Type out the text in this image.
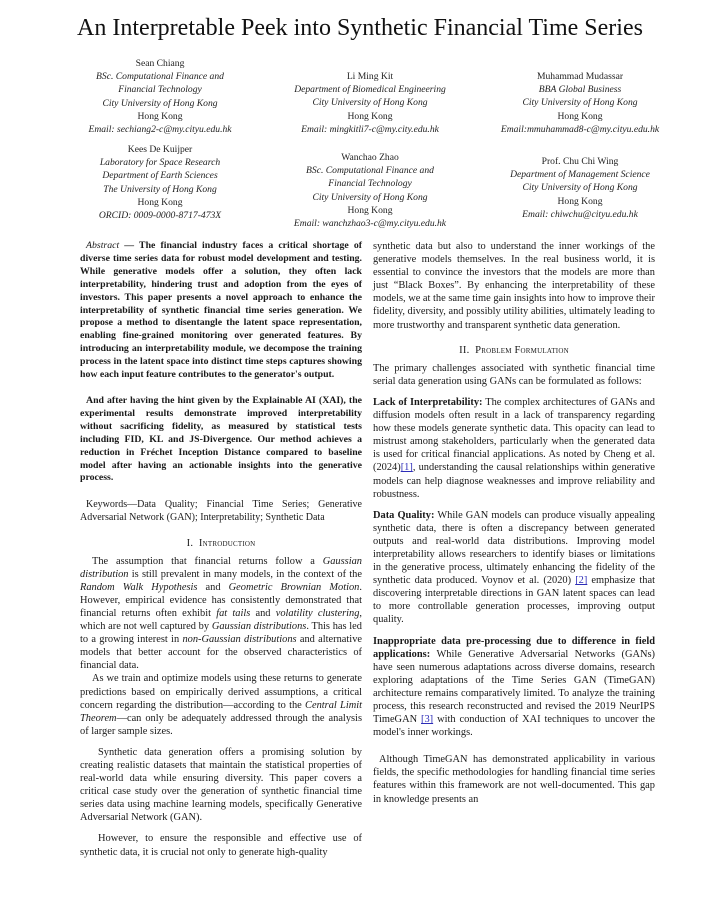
An Interpretable Peek into Synthetic Financial Time Series
Sean Chiang
BSc. Computational Finance and
Financial Technology
City University of Hong Kong
Hong Kong
Email: sechiang2-c@my.cityu.edu.hk
Li Ming Kit
Department of Biomedical Engineering
City University of Hong Kong
Hong Kong
Email: mingkitli7-c@my.city.edu.hk
Muhammad Mudassar
BBA Global Business
City University of Hong Kong
Hong Kong
Email:mmuhammad8-c@my.cityu.edu.hk
Kees De Kuijper
Laboratory for Space Research
Department of Earth Sciences
The University of Hong Kong
Hong Kong
ORCID: 0009-0000-8717-473X
Wanchao Zhao
BSc. Computational Finance and
Financial Technology
City University of Hong Kong
Hong Kong
Email: wanchzhao3-c@my.cityu.edu.hk
Prof. Chu Chi Wing
Department of Management Science
City University of Hong Kong
Hong Kong
Email: chiwchu@cityu.edu.hk

Abstract — The financial industry faces a critical shortage of diverse time series data for robust model development and testing. While generative models offer a solution, they often lack interpretability, hindering trust and adoption from the eyes of investors. This paper presents a novel approach to enhance the interpretability of synthetic financial time series generation. We propose a method to disentangle the latent space representation, enabling fine-grained monitoring over generated features. By introducing an interpretability module, we decompose the training process in the latent space into distinct time steps captures showing how each input feature contributes to the generator's output.

And after having the hint given by the Explainable AI (XAI), the experimental results demonstrate improved interpretability without sacrificing fidelity, as measured by statistical tests including FID, KL and JS-Divergence. Our method achieves a reduction in Fréchet Inception Distance compared to baseline model after having an actionable insights into the generative process.

Keywords—Data Quality; Financial Time Series; Generative Adversarial Network (GAN); Interpretability; Synthetic Data

I. Introduction

The assumption that financial returns follow a Gaussian distribution is still prevalent in many models, in the context of the Random Walk Hypothesis and Geometric Brownian Motion. However, empirical evidence has consistently demonstrated that financial returns often exhibit fat tails and volatility clustering, which are not well captured by Gaussian distributions. This has led to a growing interest in non-Gaussian distributions and alternative models that better account for the observed characteristics of financial data.

As we train and optimize models using these returns to generate predictions based on empirically derived assumptions, a critical concern regarding the distribution—according to the Central Limit Theorem—can only be adequately addressed through the analysis of larger sample sizes.

Synthetic data generation offers a promising solution by creating realistic datasets that maintain the statistical properties of real-world data while ensuring diversity. This paper covers a critical case study over the generation of synthetic financial time series data using machine learning models, specifically Generative Adversarial Network (GAN).

However, to ensure the responsible and effective use of synthetic data, it is crucial not only to generate high-quality

synthetic data but also to understand the inner workings of the generative models themselves. In the real business world, it is essential to convince the investors that the models are more than just “Black Boxes”. By enhancing the interpretability of these models, we at the same time gain insights into how to improve their fidelity, diversity, and possibly utility abilities, ultimately leading to more trustworthy and transparent synthetic data generation.

II. Problem Formulation

The primary challenges associated with synthetic financial time serial data generation using GANs can be formulated as follows:

Lack of Interpretability: The complex architectures of GANs and diffusion models often result in a lack of transparency regarding how these models generate synthetic data. This opacity can lead to mistrust among stakeholders, particularly when the generated data is used for critical financial applications. As noted by Cheng et al. (2024)[1], understanding the causal relationships within generative models can help diagnose weaknesses and improve reliability and robustness.

Data Quality: While GAN models can produce visually appealing synthetic data, there is often a discrepancy between generated outputs and real-world data distributions. Improving model interpretability allows researchers to identify biases or limitations in the generative process, ultimately enhancing the fidelity of the synthetic data produced. Voynov et al. (2020) [2] emphasize that discovering interpretable directions in GAN latent spaces can lead to more controllable generation processes, improving output quality.

Inappropriate data pre-processing due to difference in field applications: While Generative Adversarial Networks (GANs) have seen numerous adaptations across diverse domains, research exploring adaptations of the Time Series GAN (TimeGAN) architecture remains comparatively limited. To analyze the training process, this research reconstructed and revised the 2019 NeurIPS TimeGAN [3] with conduction of XAI techniques to uncover the model's inner workings.

Although TimeGAN has demonstrated applicability in various fields, the specific methodologies for handling financial time series features within this framework are not well-documented. This gap in knowledge presents an
